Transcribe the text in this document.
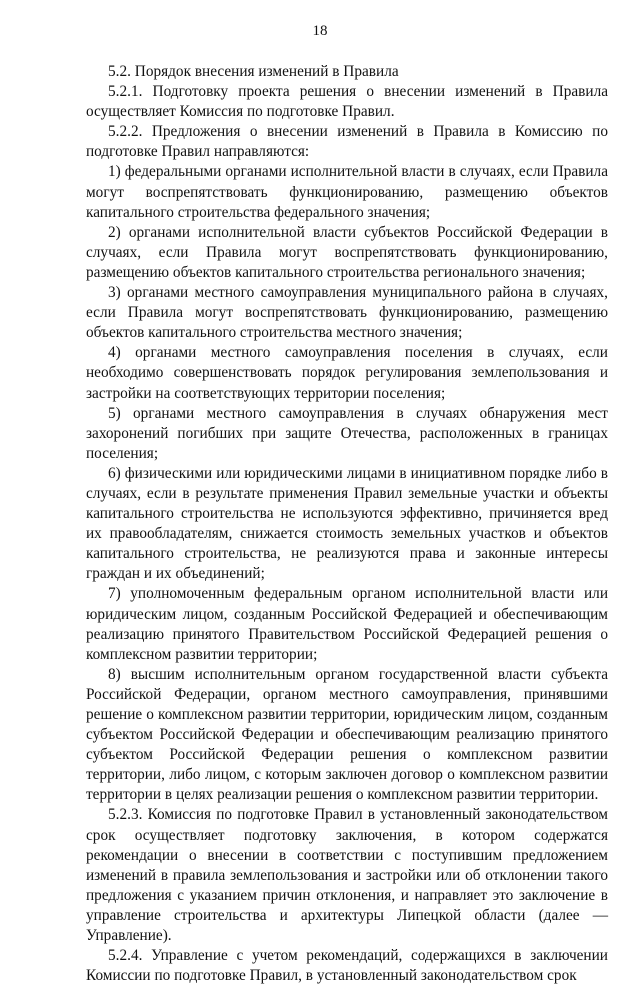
18

5.2. Порядок внесения изменений в Правила

5.2.1. Подготовку проекта решения о внесении изменений в Правила осуществляет Комиссия по подготовке Правил.

5.2.2. Предложения о внесении изменений в Правила в Комиссию по подготовке Правил направляются:

1) федеральными органами исполнительной власти в случаях, если Правила могут воспрепятствовать функционированию, размещению объектов капитального строительства федерального значения;

2) органами исполнительной власти субъектов Российской Федерации в случаях, если Правила могут воспрепятствовать функционированию, размещению объектов капитального строительства регионального значения;

3) органами местного самоуправления муниципального района в случаях, если Правила могут воспрепятствовать функционированию, размещению объектов капитального строительства местного значения;

4) органами местного самоуправления поселения в случаях, если необходимо совершенствовать порядок регулирования землепользования и застройки на соответствующих территории поселения;

5) органами местного самоуправления в случаях обнаружения мест захоронений погибших при защите Отечества, расположенных в границах поселения;

6) физическими или юридическими лицами в инициативном порядке либо в случаях, если в результате применения Правил земельные участки и объекты капитального строительства не используются эффективно, причиняется вред их правообладателям, снижается стоимость земельных участков и объектов капитального строительства, не реализуются права и законные интересы граждан и их объединений;

7) уполномоченным федеральным органом исполнительной власти или юридическим лицом, созданным Российской Федерацией и обеспечивающим реализацию принятого Правительством Российской Федерацией решения о комплексном развитии территории;

8) высшим исполнительным органом государственной власти субъекта Российской Федерации, органом местного самоуправления, принявшими решение о комплексном развитии территории, юридическим лицом, созданным субъектом Российской Федерации и обеспечивающим реализацию принятого субъектом Российской Федерации решения о комплексном развитии территории, либо лицом, с которым заключен договор о комплексном развитии территории в целях реализации решения о комплексном развитии территории.

5.2.3. Комиссия по подготовке Правил в установленный законодательством срок осуществляет подготовку заключения, в котором содержатся рекомендации о внесении в соответствии с поступившим предложением изменений в правила землепользования и застройки или об отклонении такого предложения с указанием причин отклонения, и направляет это заключение в управление строительства и архитектуры Липецкой области (далее — Управление).

5.2.4. Управление с учетом рекомендаций, содержащихся в заключении Комиссии по подготовке Правил, в установленный законодательством срок
